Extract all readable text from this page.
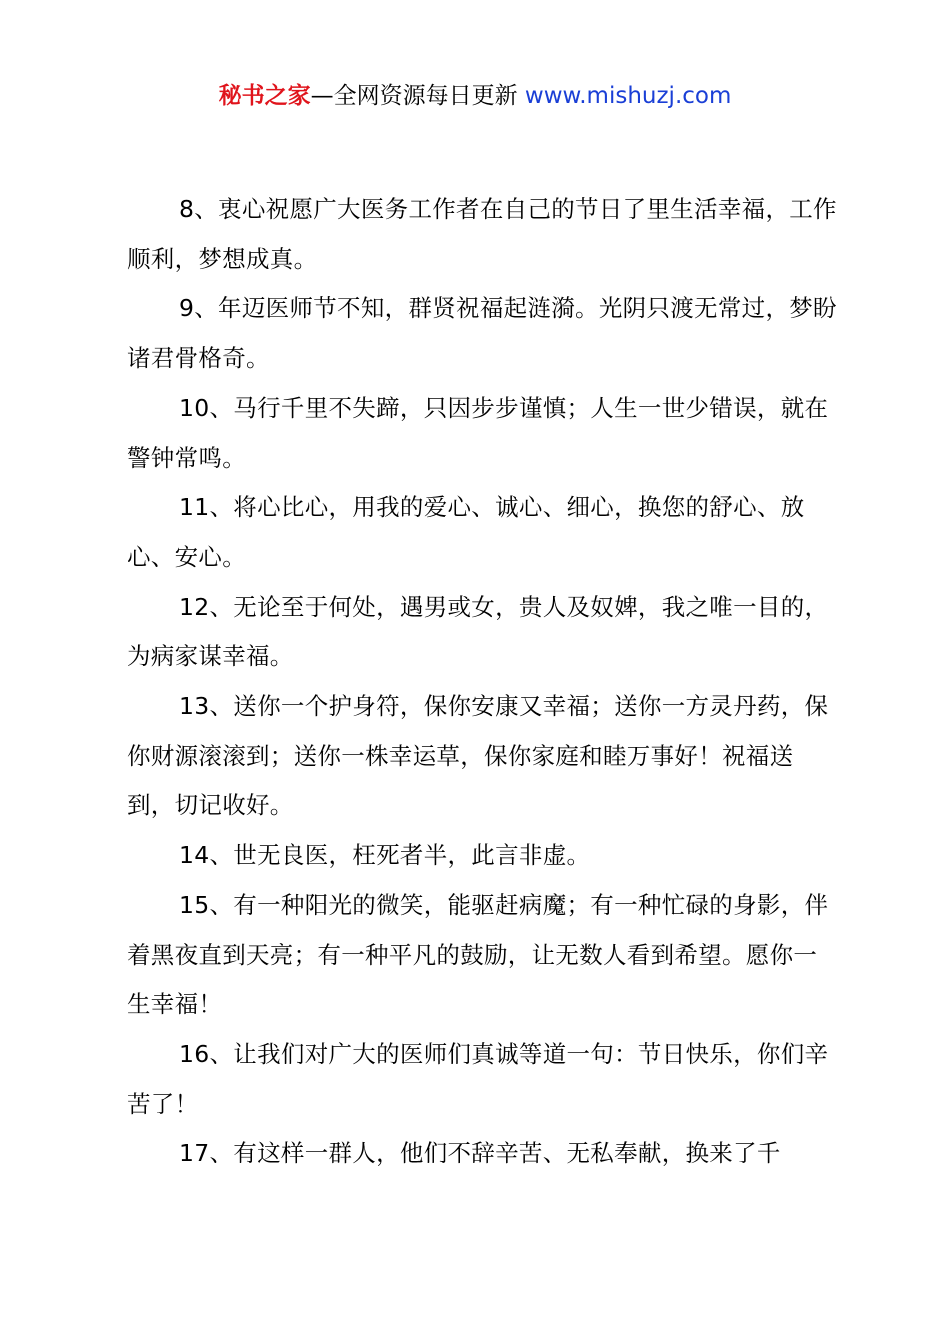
秘书之家—全网资源每日更新 www.mishuzj.com

8、衷心祝愿广大医务工作者在自己的节日了里生活幸福，工作顺利，梦想成真。

9、年迈医师节不知，群贤祝福起涟漪。光阴只渡无常过，梦盼诸君骨格奇。

10、马行千里不失蹄，只因步步谨慎；人生一世少错误，就在警钟常鸣。

11、将心比心，用我的爱心、诚心、细心，换您的舒心、放心、安心。

12、无论至于何处，遇男或女，贵人及奴婢，我之唯一目的，为病家谋幸福。

13、送你一个护身符，保你安康又幸福；送你一方灵丹药，保你财源滚滚到；送你一株幸运草，保你家庭和睦万事好！祝福送到，切记收好。

14、世无良医，枉死者半，此言非虚。

15、有一种阳光的微笑，能驱赶病魔；有一种忙碌的身影，伴着黑夜直到天亮；有一种平凡的鼓励，让无数人看到希望。愿你一生幸福！

16、让我们对广大的医师们真诚等道一句：节日快乐，你们辛苦了！

17、有这样一群人，他们不辞辛苦、无私奉献，换来了千
